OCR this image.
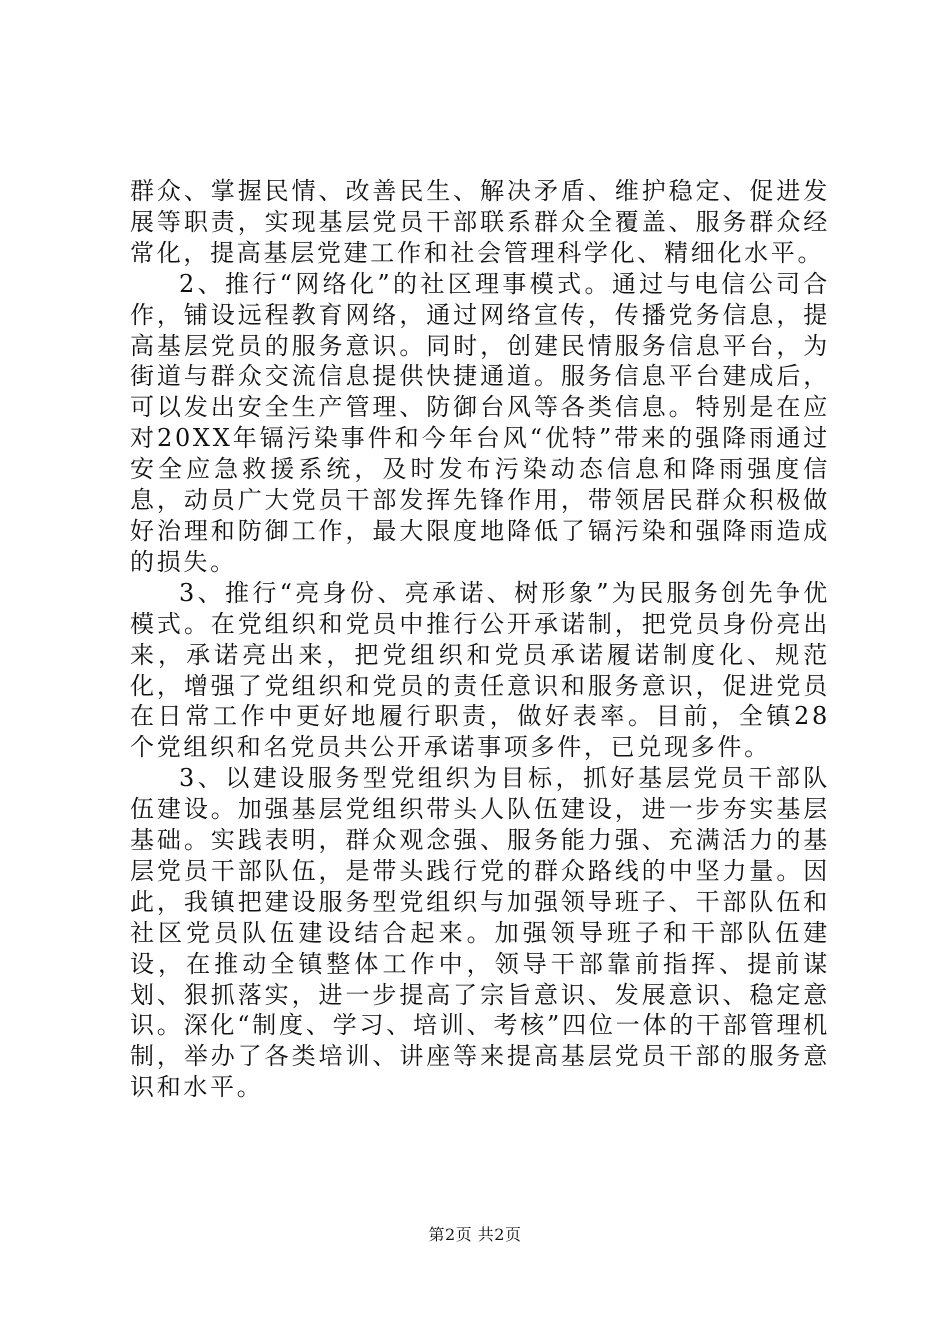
群众、掌握民情、改善民生、解决矛盾、维护稳定、促进发展等职责，实现基层党员干部联系群众全覆盖、服务群众经常化，提高基层党建工作和社会管理科学化、精细化水平。

2、推行“网络化”的社区理事模式。通过与电信公司合作，铺设远程教育网络，通过网络宣传，传播党务信息，提高基层党员的服务意识。同时，创建民情服务信息平台，为街道与群众交流信息提供快捷通道。服务信息平台建成后，可以发出安全生产管理、防御台风等各类信息。特别是在应对20XX年镉污染事件和今年台风“优特”带来的强降雨通过安全应急救援系统，及时发布污染动态信息和降雨强度信息，动员广大党员干部发挥先锋作用，带领居民群众积极做好治理和防御工作，最大限度地降低了镉污染和强降雨造成的损失。

3、推行“亮身份、亮承诺、树形象”为民服务创先争优模式。在党组织和党员中推行公开承诺制，把党员身份亮出来，承诺亮出来，把党组织和党员承诺履诺制度化、规范化，增强了党组织和党员的责任意识和服务意识，促进党员在日常工作中更好地履行职责，做好表率。目前，全镇28个党组织和名党员共公开承诺事项多件，已兑现多件。

3、以建设服务型党组织为目标，抓好基层党员干部队伍建设。加强基层党组织带头人队伍建设，进一步夯实基层基础。实践表明，群众观念强、服务能力强、充满活力的基层党员干部队伍，是带头践行党的群众路线的中坚力量。因此，我镇把建设服务型党组织与加强领导班子、干部队伍和社区党员队伍建设结合起来。加强领导班子和干部队伍建设，在推动全镇整体工作中，领导干部靠前指挥、提前谋划、狠抓落实，进一步提高了宗旨意识、发展意识、稳定意识。深化“制度、学习、培训、考核”四位一体的干部管理机制，举办了各类培训、讲座等来提高基层党员干部的服务意识和水平。

第2页 共2页
